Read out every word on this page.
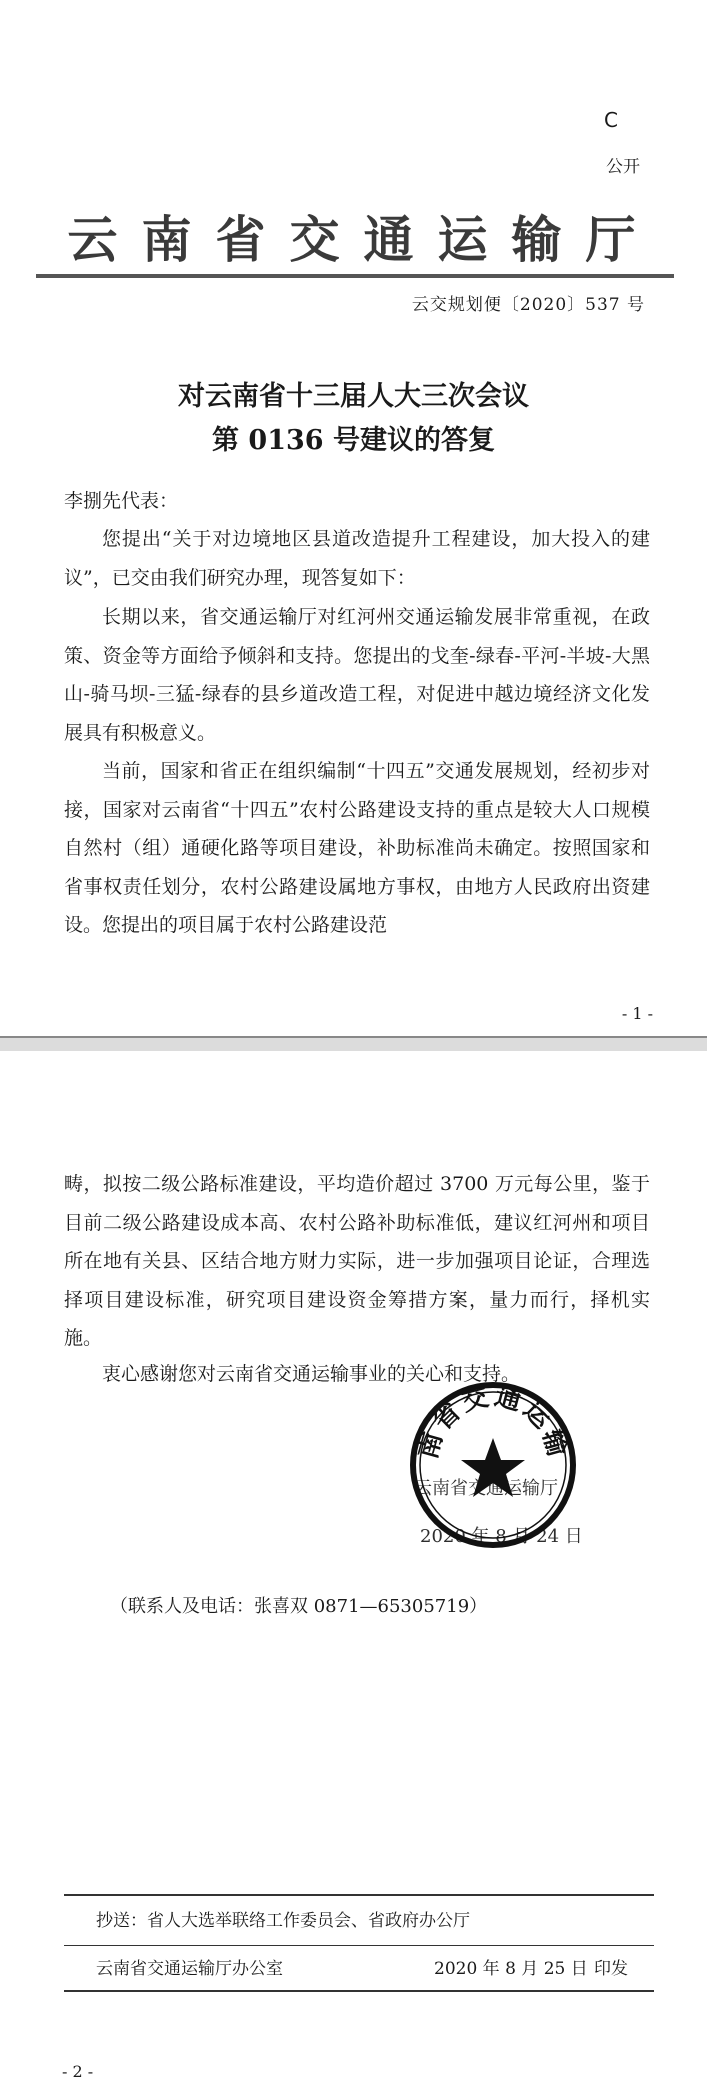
C
公开
云南省交通运输厅
云交规划便〔2020〕537 号
对云南省十三届人大三次会议
第 0136 号建议的答复
李捌先代表：
您提出“关于对边境地区县道改造提升工程建设，加大投入的建议”，已交由我们研究办理，现答复如下：
长期以来，省交通运输厅对红河州交通运输发展非常重视，在政策、资金等方面给予倾斜和支持。您提出的戈奎-绿春-平河-半坡-大黑山-骑马坝-三猛-绿春的县乡道改造工程，对促进中越边境经济文化发展具有积极意义。
当前，国家和省正在组织编制“十四五”交通发展规划，经初步对接，国家对云南省“十四五”农村公路建设支持的重点是较大人口规模自然村（组）通硬化路等项目建设，补助标准尚未确定。按照国家和省事权责任划分，农村公路建设属地方事权，由地方人民政府出资建设。您提出的项目属于农村公路建设范
- 1 -
畴，拟按二级公路标准建设，平均造价超过 3700 万元每公里，鉴于目前二级公路建设成本高、农村公路补助标准低，建议红河州和项目所在地有关县、区结合地方财力实际，进一步加强项目论证，合理选择项目建设标准，研究项目建设资金筹措方案，量力而行，择机实施。
衷心感谢您对云南省交通运输事业的关心和支持。
云南省交通运输厅
2020 年 8 月 24 日
南省交通运输
（联系人及电话：张喜双 0871—65305719）
抄送：省人大选举联络工作委员会、省政府办公厅
云南省交通运输厅办公室	2020 年 8 月 25 日 印发
- 2 -
